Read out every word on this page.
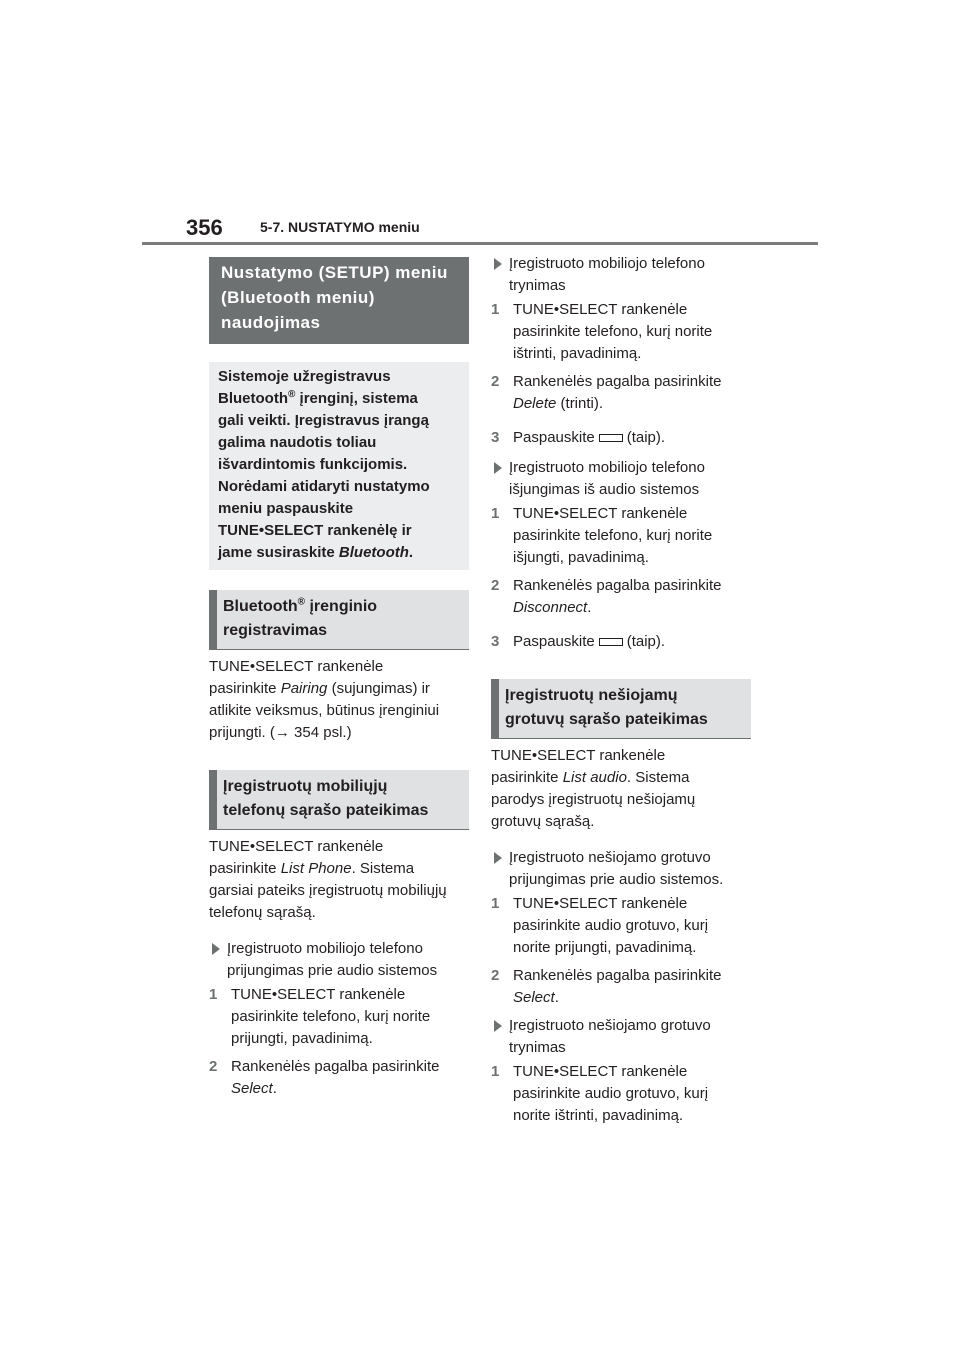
356	5-7. NUSTATYMO meniu
Nustatymo (SETUP) meniu (Bluetooth meniu) naudojimas

Sistemoje užregistravus

Bluetooth® įrenginį, sistema

gali veikti. Įregistravus įrangą

galima naudotis toliau

išvardintomis funkcijomis.

Norėdami atidaryti nustatymo

meniu paspauskite

TUNE•SELECT rankenėlę ir

jame susiraskite Bluetooth.

Bluetooth® įrenginio
registravimas

TUNE•SELECT rankenėle

pasirinkite Pairing (sujungimas) ir

atlikite veiksmus, būtinus įrenginiui

prijungti. (→ 354 psl.)

Įregistruotų mobiliųjų
telefonų sąrašo pateikimas

TUNE•SELECT rankenėle

pasirinkite List Phone. Sistema

garsiai pateiks įregistruotų mobiliųjų

telefonų sąrašą.

Įregistruoto mobiliojo telefono
prijungimas prie audio sistemos
1 TUNE•SELECT rankenėle
pasirinkite telefono, kurį norite
prijungti, pavadinimą.
2 Rankenėlės pagalba pasirinkite
Select.
Įregistruoto mobiliojo telefono
trynimas
1 TUNE•SELECT rankenėle
pasirinkite telefono, kurį norite
ištrinti, pavadinimą.
2 Rankenėlės pagalba pasirinkite
Delete (trinti).
3 Paspauskite (taip).
Įregistruoto mobiliojo telefono
išjungimas iš audio sistemos
1 TUNE•SELECT rankenėle
pasirinkite telefono, kurį norite
išjungti, pavadinimą.
2 Rankenėlės pagalba pasirinkite
Disconnect.
3 Paspauskite (taip).
Įregistruotų nešiojamų
grotuvų sąrašo pateikimas

TUNE•SELECT rankenėle

pasirinkite List audio. Sistema

parodys įregistruotų nešiojamų

grotuvų sąrašą.

Įregistruoto nešiojamo grotuvo
prijungimas prie audio sistemos.
1 TUNE•SELECT rankenėle
pasirinkite audio grotuvo, kurį
norite prijungti, pavadinimą.
2 Rankenėlės pagalba pasirinkite
Select.
Įregistruoto nešiojamo grotuvo
trynimas
1 TUNE•SELECT rankenėle
pasirinkite audio grotuvo, kurį
norite ištrinti, pavadinimą.
